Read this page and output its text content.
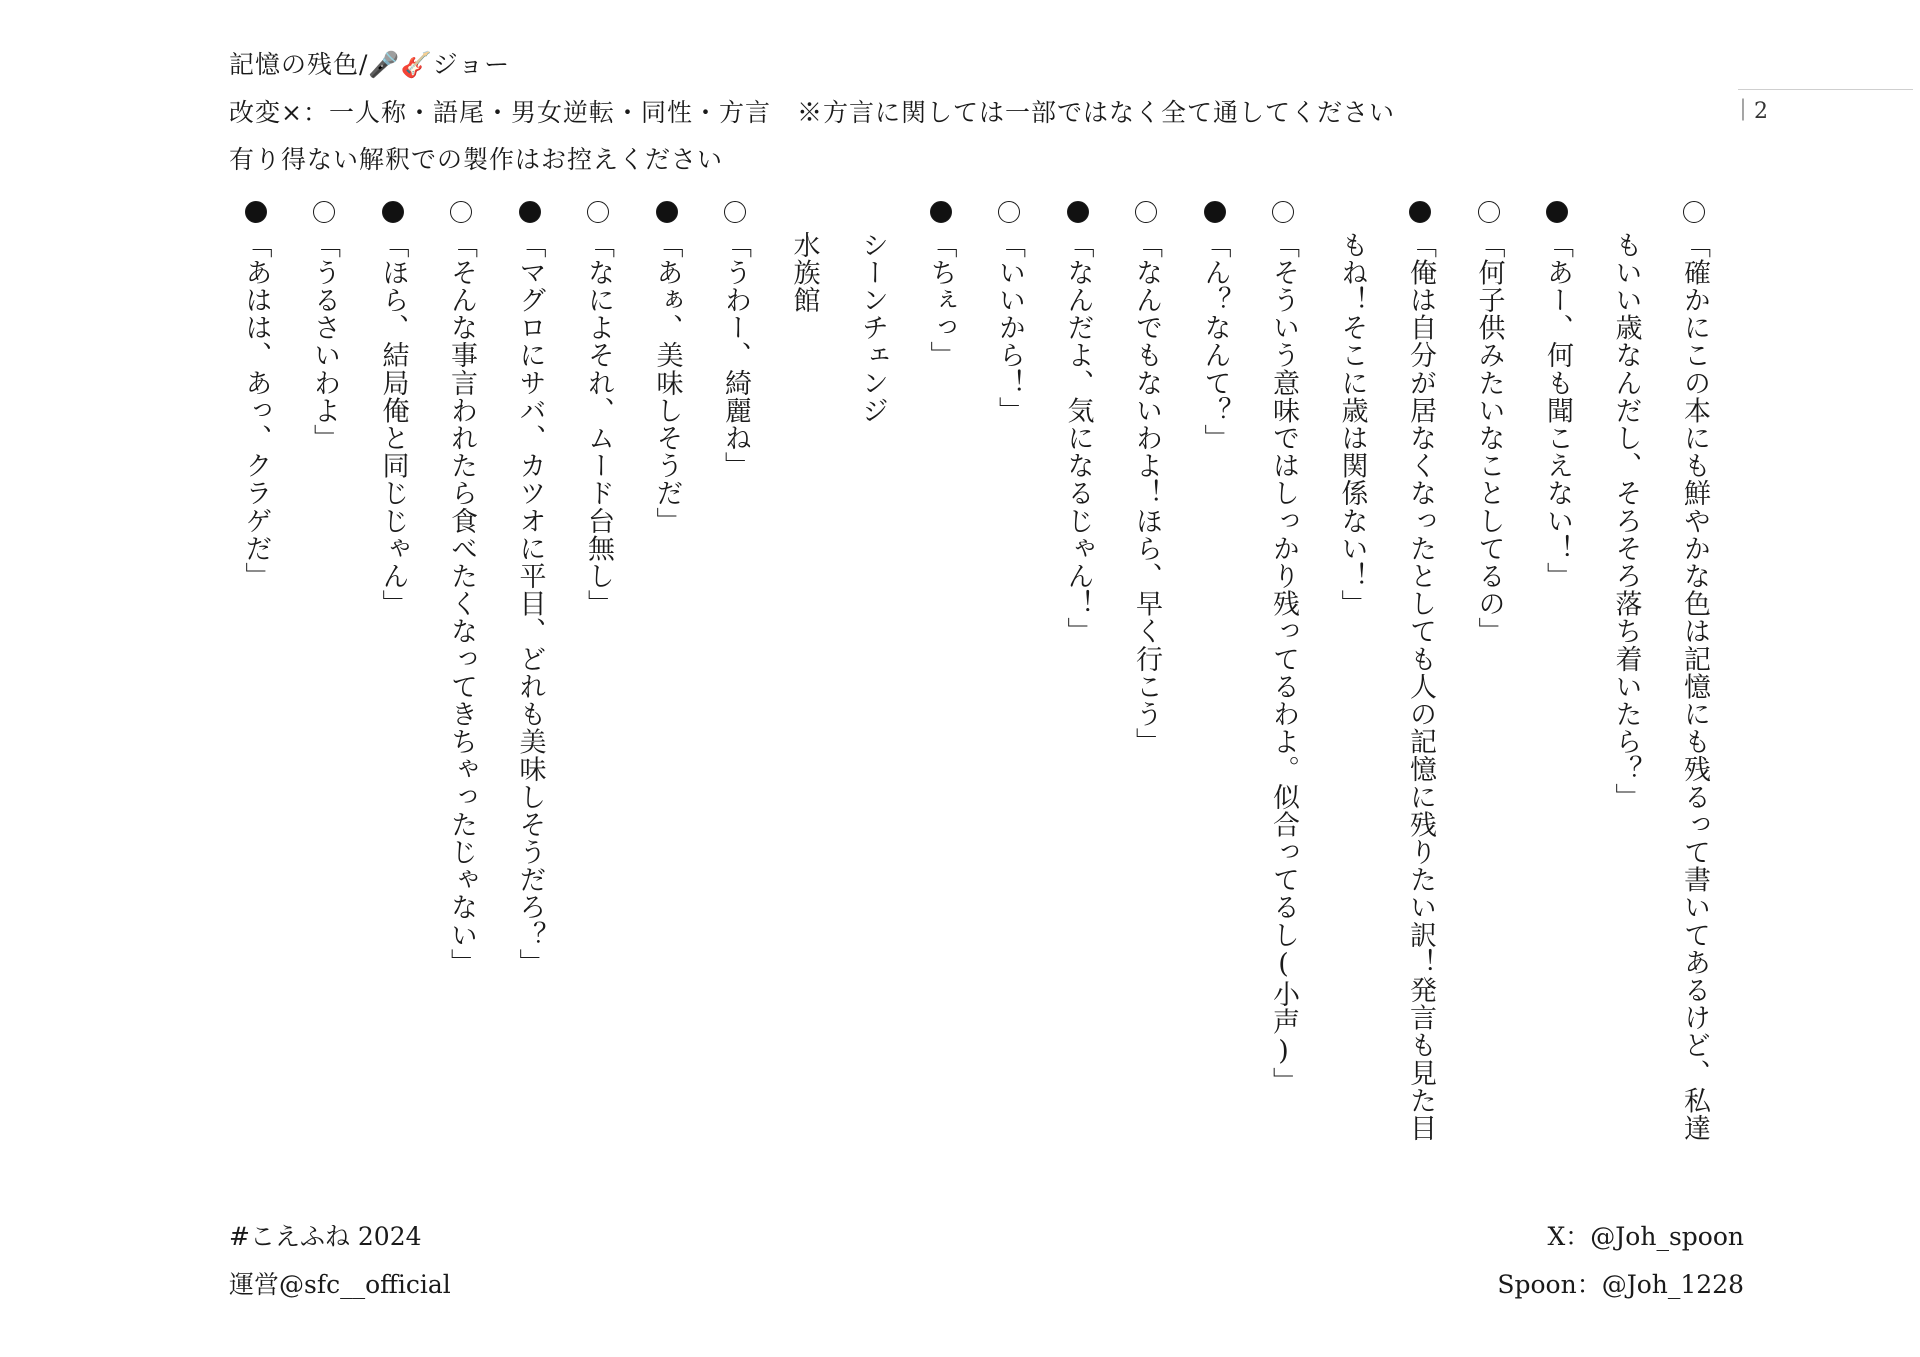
記憶の残色/🎤🎸ジョー
改変×：一人称・語尾・男女逆転・同性・方言　※方言に関しては一部ではなく全て通してください
有り得ない解釈での製作はお控えください
｜2
「確かにこの本にも鮮やかな色は記憶にも残るって書いてあるけど、私達
もいい歳なんだし、そろそろ落ち着いたら？」
「あー、何も聞こえない！」
「何子供みたいなことしてるの」
「俺は自分が居なくなったとしても人の記憶に残りたい訳！発言も見た目
もね！そこに歳は関係ない！」
「そういう意味ではしっかり残ってるわよ。似合ってるし(小声)」
「ん？なんて？」
「なんでもないわよ！ほら、早く行こう」
「なんだよ、気になるじゃん！」
「いいから！」
「ちぇっ」
シーンチェンジ
水族館
「うわー、綺麗ね」
「あぁ、美味しそうだ」
「なによそれ、ムード台無し」
「マグロにサバ、カツオに平目、どれも美味しそうだろ？」
「そんな事言われたら食べたくなってきちゃったじゃない」
「ほら、結局俺と同じじゃん」
「うるさいわよ」
「あはは、あっ、クラゲだ」
#こえふね 2024
運営@sfc__official
X：@Joh_spoon
Spoon：@Joh_1228
